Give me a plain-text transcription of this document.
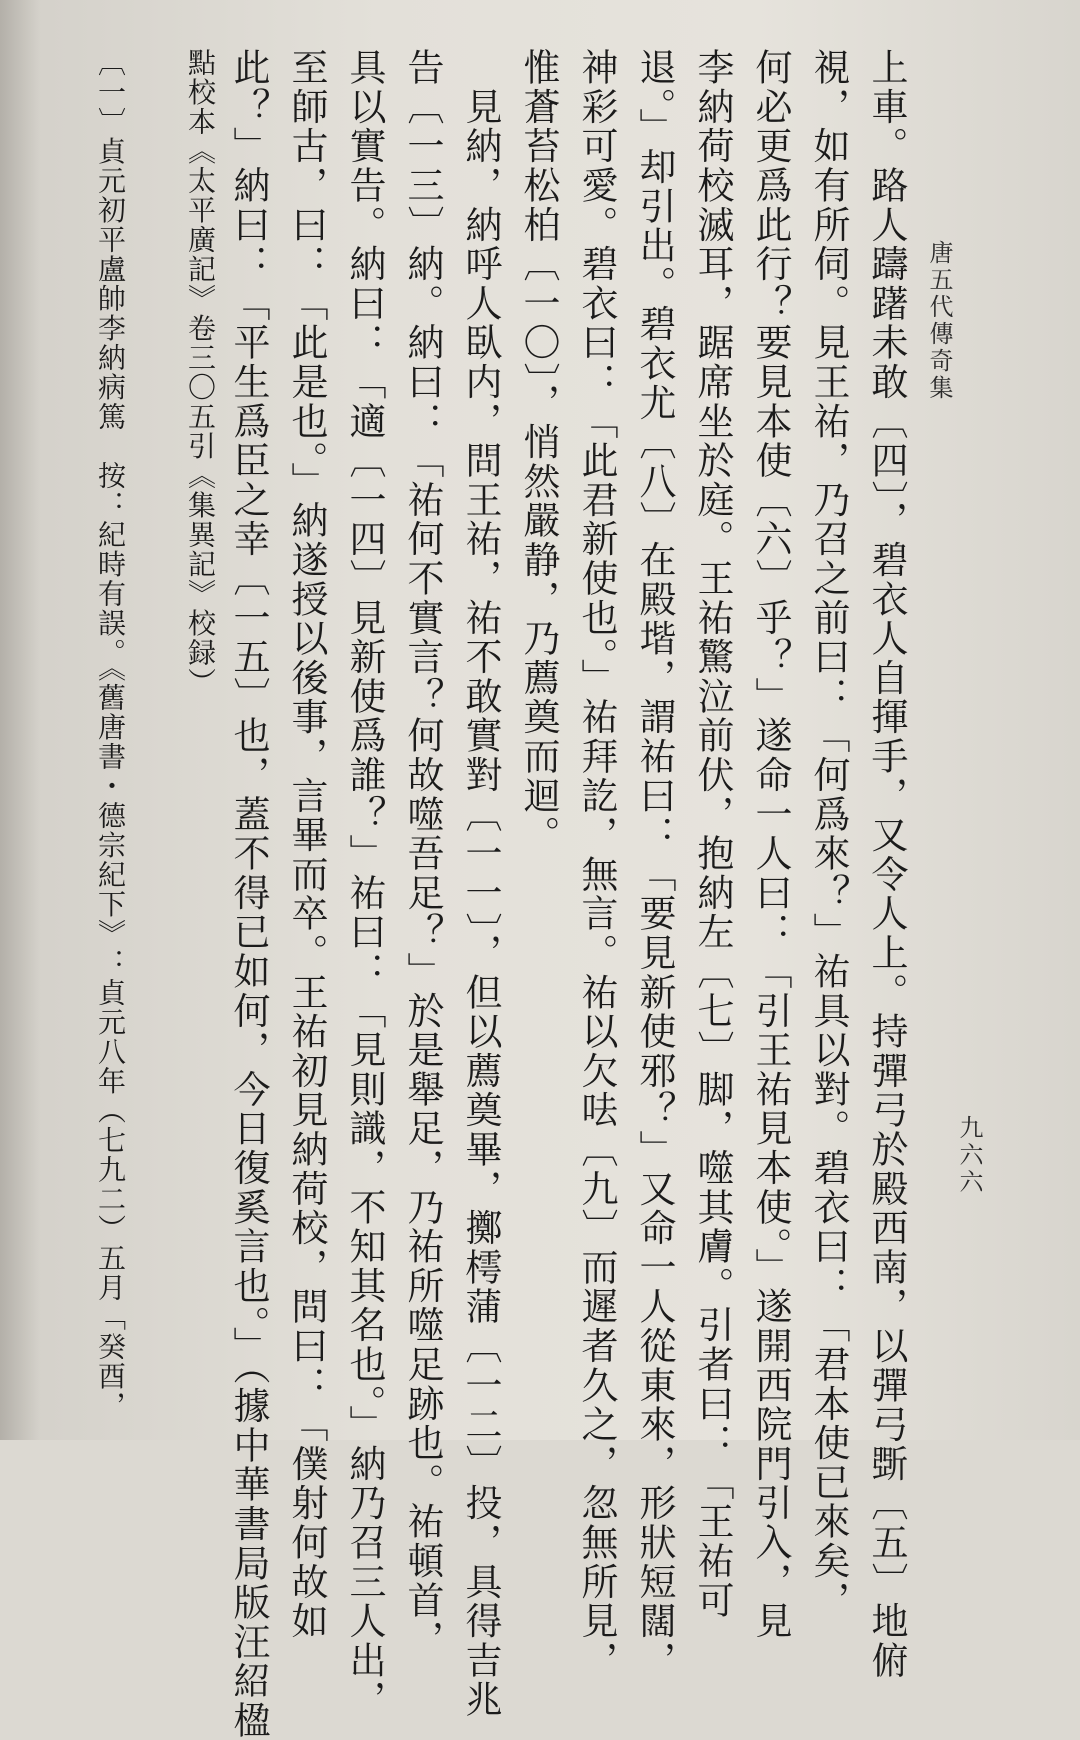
唐五代傳奇集
九六六
上車。路人躊躇未敢〔四〕，碧衣人自揮手，又令人上。持彈弓於殿西南，以彈弓斲〔五〕地俯
視，如有所伺。見王祐，乃召之前曰：「何爲來？」祐具以對。碧衣曰：「君本使已來矣，
何必更爲此行？要見本使〔六〕乎？」遂命一人曰：「引王祐見本使。」遂開西院門引入，見
李納荷校滅耳，踞席坐於庭。王祐驚泣前伏，抱納左〔七〕脚，噬其膚。引者曰：「王祐可
退。」却引出。碧衣尤〔八〕在殿堦，謂祐曰：「要見新使邪？」又命一人從東來，形狀短闊，
神彩可愛。碧衣曰：「此君新使也。」祐拜訖，無言。祐以欠呿〔九〕而遲者久之，忽無所見，
惟蒼苔松柏〔一〇〕，悄然嚴静，乃薦奠而迴。
　見納，納呼人臥内，問王祐，祐不敢實對〔一一〕，但以薦奠畢，擲樗蒲〔一二〕投，具得吉兆
告〔一三〕納。納曰：「祐何不實言？何故噬吾足？」於是舉足，乃祐所噬足跡也。祐頓首，
具以實告。納曰：「適〔一四〕見新使爲誰？」祐曰：「見則識，不知其名也。」納乃召三人出，
至師古，曰：「此是也。」納遂授以後事，言畢而卒。王祐初見納荷校，問曰：「僕射何故如
此？」納曰：「平生爲臣之幸〔一五〕也，蓋不得已如何，今日復奚言也。」（據中華書局版汪紹楹
點校本《太平廣記》卷三〇五引《集異記》校録）
〔一〕貞元初平盧帥李納病篤　按：紀時有誤。《舊唐書・德宗紀下》：貞元八年（七九二）五月「癸酉，
